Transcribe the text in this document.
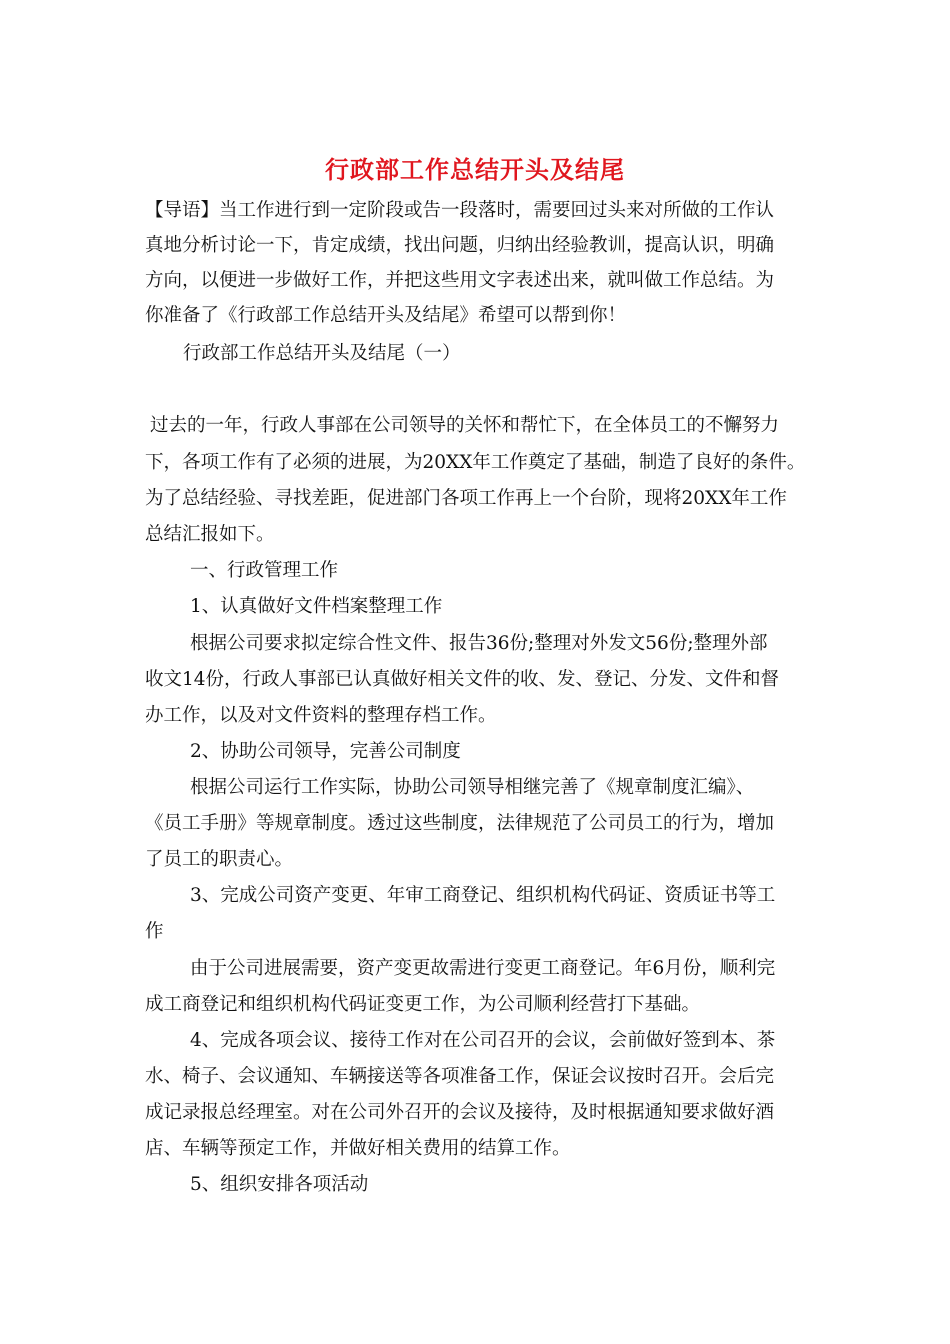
行政部工作总结开头及结尾
【导语】当工作进行到一定阶段或告一段落时，需要回过头来对所做的工作认
真地分析讨论一下，肯定成绩，找出问题，归纳出经验教训，提高认识，明确
方向，以便进一步做好工作，并把这些用文字表述出来，就叫做工作总结。为
你准备了《行政部工作总结开头及结尾》希望可以帮到你！
行政部工作总结开头及结尾（一）
过去的一年，行政人事部在公司领导的关怀和帮忙下，在全体员工的不懈努力
下，各项工作有了必须的进展，为20XX年工作奠定了基础，制造了良好的条件。
为了总结经验、寻找差距，促进部门各项工作再上一个台阶，现将20XX年工作
总结汇报如下。
一、行政管理工作
1、认真做好文件档案整理工作
根据公司要求拟定综合性文件、报告36份;整理对外发文56份;整理外部
收文14份，行政人事部已认真做好相关文件的收、发、登记、分发、文件和督
办工作，以及对文件资料的整理存档工作。
2、协助公司领导，完善公司制度
根据公司运行工作实际，协助公司领导相继完善了《规章制度汇编》、
《员工手册》等规章制度。透过这些制度，法律规范了公司员工的行为，增加
了员工的职责心。
3、完成公司资产变更、年审工商登记、组织机构代码证、资质证书等工
作
由于公司进展需要，资产变更故需进行变更工商登记。年6月份，顺利完
成工商登记和组织机构代码证变更工作，为公司顺利经营打下基础。
4、完成各项会议、接待工作对在公司召开的会议，会前做好签到本、茶
水、椅子、会议通知、车辆接送等各项准备工作，保证会议按时召开。会后完
成记录报总经理室。对在公司外召开的会议及接待，及时根据通知要求做好酒
店、车辆等预定工作，并做好相关费用的结算工作。
5、组织安排各项活动
